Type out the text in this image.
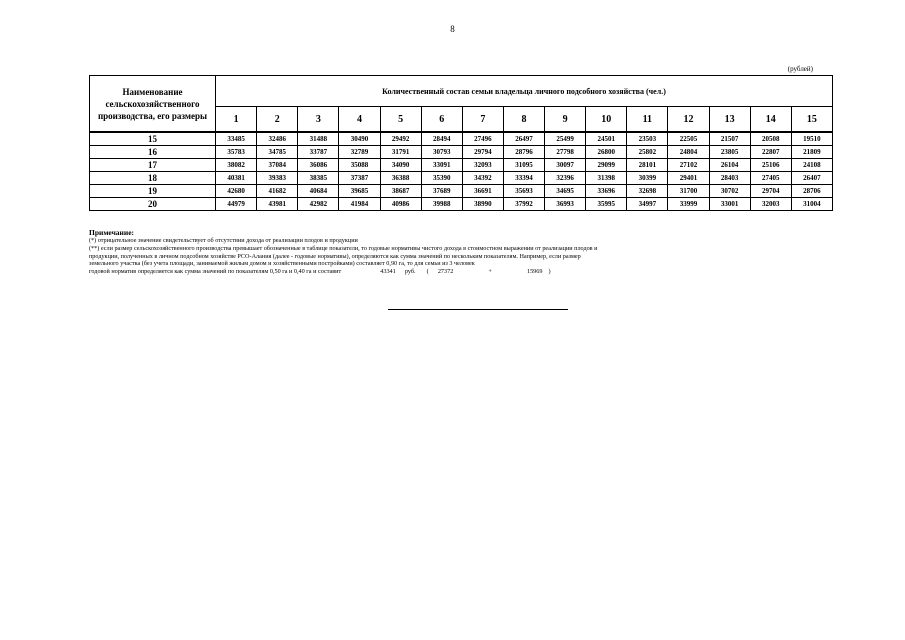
8
(рублей)
Наименование сельскохозяйственного производства, его размеры	Количественный состав семьи владельца личного подсобного хозяйства (чел.)														
	1	2	3	4	5	6	7	8	9	10	11	12	13	14	15
15	33485	32486	31488	30490	29492	28494	27496	26497	25499	24501	23503	22505	21507	20508	19510
16	35783	34785	33787	32789	31791	30793	29794	28796	27798	26800	25802	24804	23805	22807	21809
17	38082	37084	36086	35088	34090	33091	32093	31095	30097	29099	28101	27102	26104	25106	24108
18	40381	39383	38385	37387	36388	35390	34392	33394	32396	31398	30399	29401	28403	27405	26407
19	42680	41682	40684	39685	38687	37689	36691	35693	34695	33696	32698	31700	30702	29704	28706
20	44979	43981	42982	41984	40986	39988	38990	37992	36993	35995	34997	33999	33001	32003	31004
Примечание:
(*) отрицательное значение свидетельствует об отсутствии дохода от реализации плодов и продукции
(**) если размер сельскохозяйственного производства превышает обозначенные в таблице показатели, то годовые нормативы чистого дохода в стоимостном выражении от реализации плодов и
продукции, полученных в личном подсобном хозяйстве РСО-Алания (далее - годовые нормативы), определяются как сумма значений по нескольким показателям. Например, если размер
земельного участка (без учета площади, занимаемой жилым домом и хозяйственными постройками) составляет 0,90 га, то для семьи из 3 человек
годовой норматив определяется как сумма значений по показателям 0,50 га и 0,40 га и составит	43341 руб. ( 27372	+	15969 )
